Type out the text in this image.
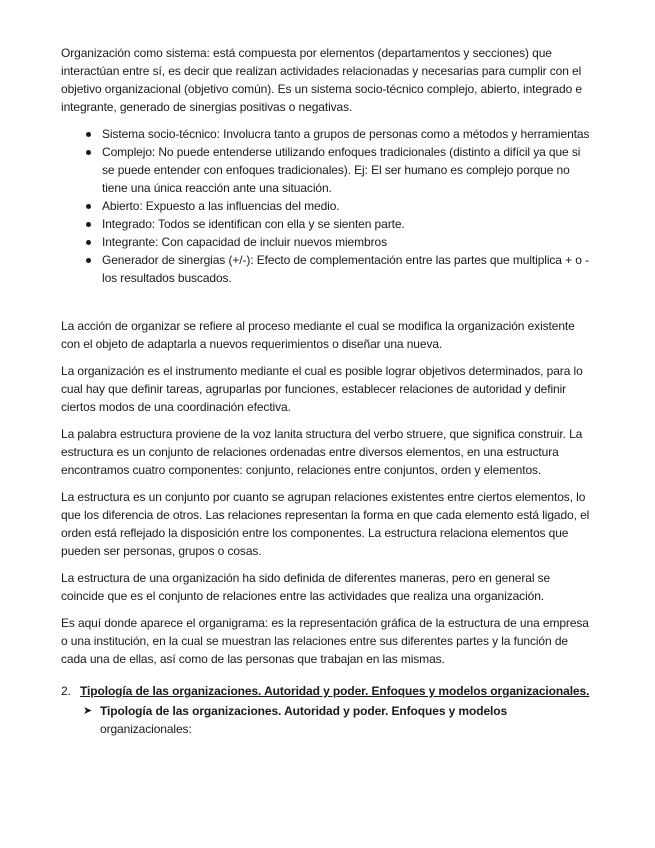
Organización como sistema: está compuesta por elementos (departamentos y secciones) que interactúan entre sí, es decir que realizan actividades relacionadas y necesarias para cumplir con el objetivo organizacional (objetivo común). Es un sistema socio-técnico complejo, abierto, integrado e integrante, generado de sinergias positivas o negativas.

Sistema socio-técnico: Involucra tanto a grupos de personas como a métodos y herramientas
Complejo: No puede entenderse utilizando enfoques tradicionales (distinto a difícil ya que si se puede entender con enfoques tradicionales). Ej: El ser humano es complejo porque no tiene una única reacción ante una situación.
Abierto: Expuesto a las influencias del medio.
Integrado: Todos se identifican con ella y se sienten parte.
Integrante: Con capacidad de incluir nuevos miembros
Generador de sinergias (+/-): Efecto de complementación entre las partes que multiplica + o - los resultados buscados.

La acción de organizar se refiere al proceso mediante el cual se modifica la organización existente con el objeto de adaptarla a nuevos requerimientos o diseñar una nueva.

La organización es el instrumento mediante el cual es posible lograr objetivos determinados, para lo cual hay que definir tareas, agruparlas por funciones, establecer relaciones de autoridad y definir ciertos modos de una coordinación efectiva.

La palabra estructura proviene de la voz lanita structura del verbo struere, que significa construir. La estructura es un conjunto de relaciones ordenadas entre diversos elementos, en una estructura encontramos cuatro componentes: conjunto, relaciones entre conjuntos, orden y elementos.

La estructura es un conjunto por cuanto se agrupan relaciones existentes entre ciertos elementos, lo que los diferencia de otros. Las relaciones representan la forma en que cada elemento está ligado, el orden está reflejado la disposición entre los componentes. La estructura relaciona elementos que pueden ser personas, grupos o cosas.

La estructura de una organización ha sido definida de diferentes maneras, pero en general se coincide que es el conjunto de relaciones entre las actividades que realiza una organización.

Es aquí donde aparece el organigrama: es la representación gráfica de la estructura de una empresa o una institución, en la cual se muestran las relaciones entre sus diferentes partes y la función de cada una de ellas, así como de las personas que trabajan en las mismas.

2. Tipología de las organizaciones. Autoridad y poder. Enfoques y modelos organizacionales.
➤ Tipología de las organizaciones. Autoridad y poder. Enfoques y modelos organizacionales:
